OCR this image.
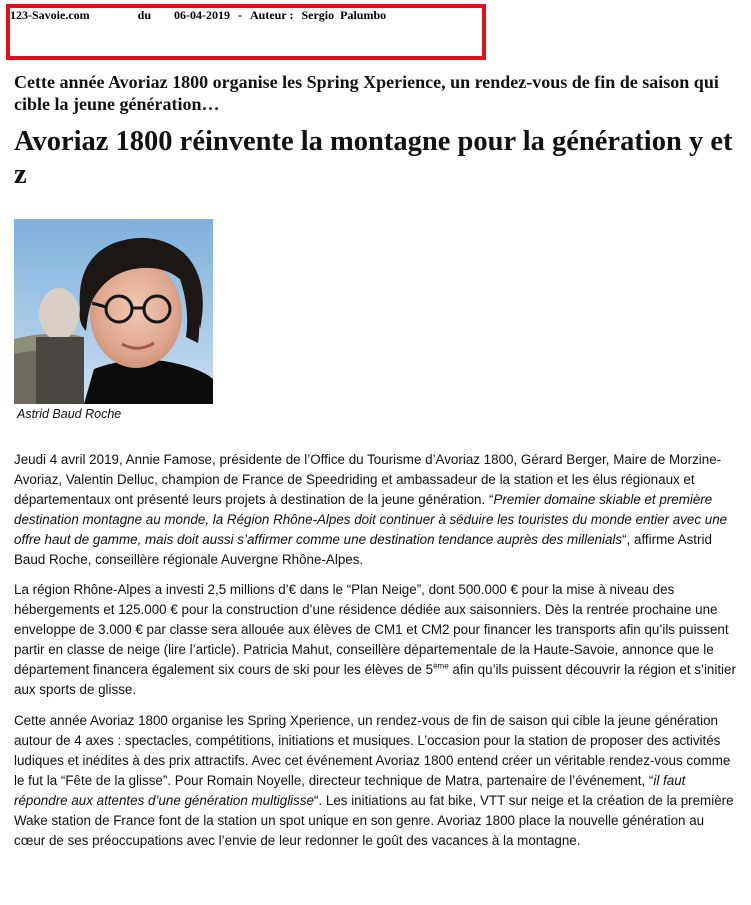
123-Savoie.com	du 06-04-2019 - Auteur : Sergio  Palumbo
Cette année Avoriaz 1800 organise les Spring Xperience, un rendez-vous de fin de saison qui cible la jeune génération…
Avoriaz 1800 réinvente la montagne pour la génération y et z
Astrid Baud Roche

Jeudi 4 avril 2019, Annie Famose, présidente de l’Office du Tourisme d’Avoriaz 1800, Gérard Berger, Maire de Morzine-Avoriaz, Valentin Delluc, champion de France de Speedriding et ambassadeur de la station et les élus régionaux et départementaux ont présenté leurs projets à destination de la jeune génération. “Premier domaine skiable et première destination montagne au monde, la Région Rhône-Alpes doit continuer à séduire les touristes du monde entier avec une offre haut de gamme, mais doit aussi s’affirmer comme une destination tendance auprès des millenials“, affirme Astrid Baud Roche, conseillère régionale Auvergne Rhône-Alpes.

La région Rhône-Alpes a investi 2,5 millions d’€ dans le “Plan Neige”, dont 500.000 € pour la mise à niveau des hébergements et 125.000 € pour la construction d’une résidence dédiée aux saisonniers. Dès la rentrée prochaine une enveloppe de 3.000 € par classe sera allouée aux élèves de CM1 et CM2 pour financer les transports afin qu’ils puissent partir en classe de neige (lire l’article). Patricia Mahut, conseillère départementale de la Haute-Savoie, annonce que le département financera également six cours de ski pour les élèves de 5ème afin qu’ils puissent découvrir la région et s’initier aux sports de glisse.

Cette année Avoriaz 1800 organise les Spring Xperience, un rendez-vous de fin de saison qui cible la jeune génération autour de 4 axes : spectacles, compétitions, initiations et musiques. L’occasion pour la station de proposer des activités ludiques et inédites à des prix attractifs. Avec cet événement Avoriaz 1800 entend créer un véritable rendez-vous comme le fut la “Fête de la glisse”. Pour Romain Noyelle, directeur technique de Matra, partenaire de l’événement, “il faut répondre aux attentes d’une génération multiglisse“. Les initiations au fat bike, VTT sur neige et la création de la première Wake station de France font de la station un spot unique en son genre. Avoriaz 1800 place la nouvelle génération au cœur de ses préoccupations avec l’envie de leur redonner le goût des vacances à la montagne.
